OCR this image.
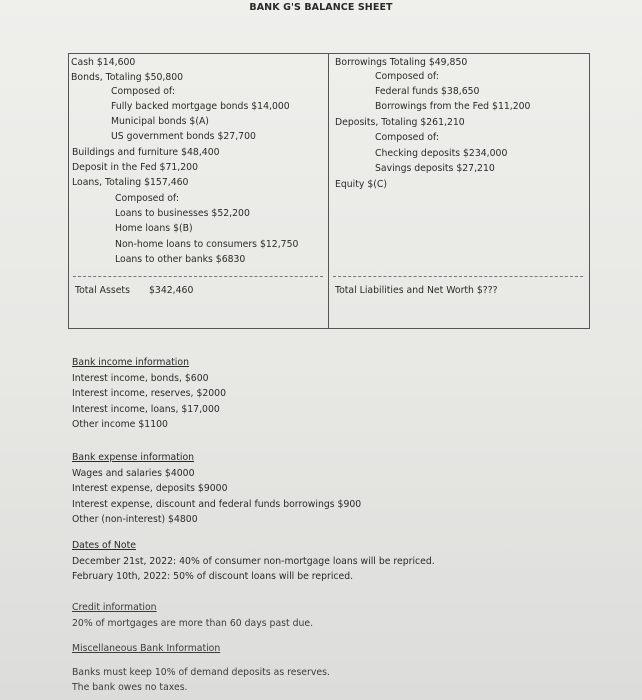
BANK G'S BALANCE SHEET
Cash $14,600
Bonds, Totaling $50,800
Composed of:
Fully backed mortgage bonds $14,000
Municipal bonds $(A)
US government bonds $27,700
Buildings and furniture $48,400
Deposit in the Fed $71,200
Loans, Totaling $157,460
Composed of:
Loans to businesses $52,200
Home loans $(B)
Non-home loans to consumers $12,750
Loans to other banks $6830
Total Assets $342,460
Borrowings Totaling $49,850
Composed of:
Federal funds $38,650
Borrowings from the Fed $11,200
Deposits, Totaling $261,210
Composed of:
Checking deposits $234,000
Savings deposits $27,210
Equity $(C)
Total Liabilities and Net Worth $???
Bank income information
Interest income, bonds, $600
Interest income, reserves, $2000
Interest income, loans, $17,000
Other income $1100
Bank expense information
Wages and salaries $4000
Interest expense, deposits $9000
Interest expense, discount and federal funds borrowings $900
Other (non-interest) $4800
Dates of Note
December 21st, 2022: 40% of consumer non-mortgage loans will be repriced.
February 10th, 2022: 50% of discount loans will be repriced.
Credit information
20% of mortgages are more than 60 days past due.
Miscellaneous Bank Information
Banks must keep 10% of demand deposits as reserves.
The bank owes no taxes.
